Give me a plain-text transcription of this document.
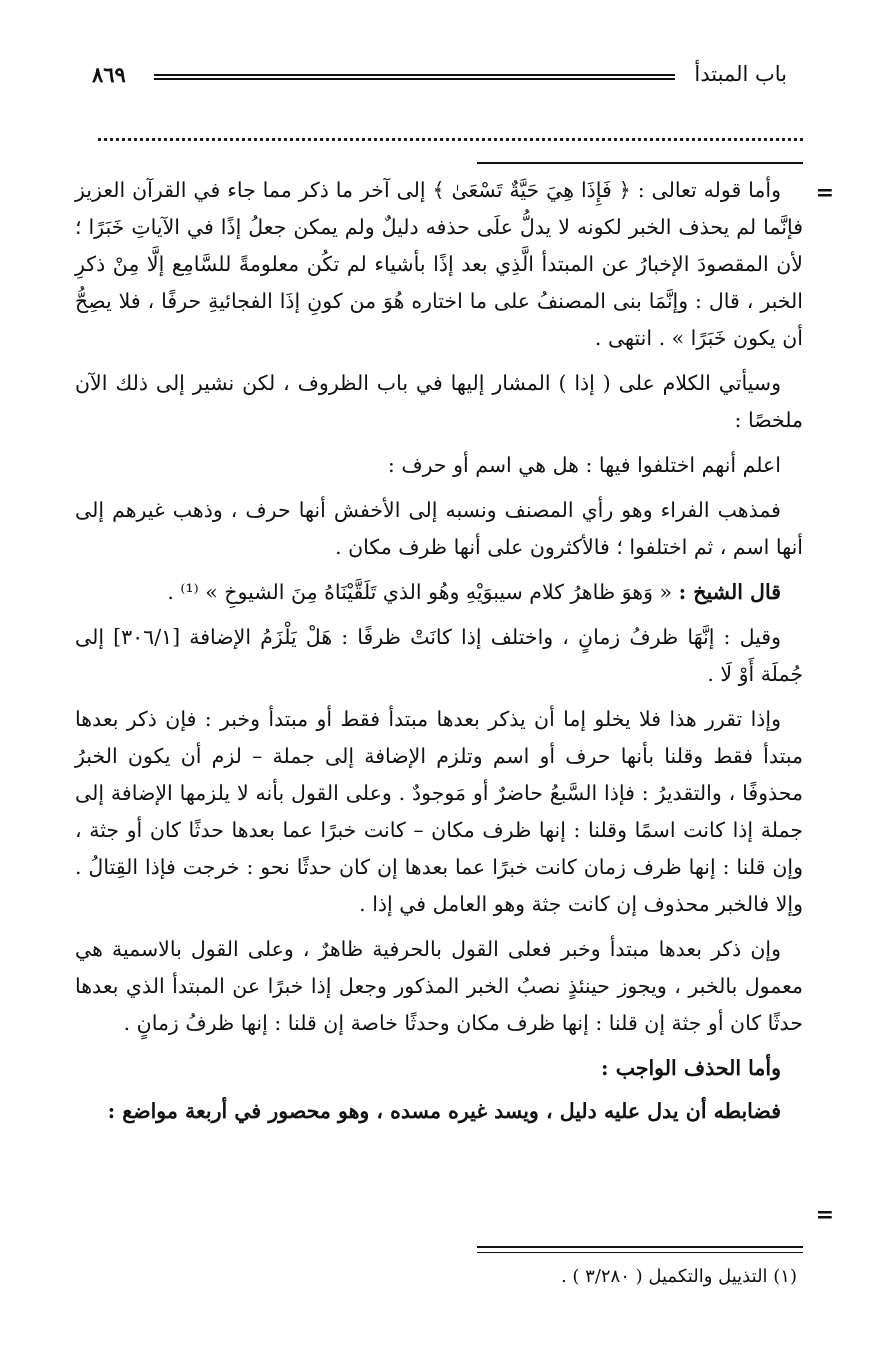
باب المبتدأ
٨٦٩
=
=

وأما قوله تعالى : ﴿ فَإِذَا هِيَ حَيَّةٌ تَسْعَىٰ ﴾ إلى آخر ما ذكر مما جاء في القرآن العزيز فإنَّما لم يحذف الخبر لكونه لا يدلُّ علَى حذفه دليلٌ ولم يمكن جعلُ إذًا في الآياتِ خَبَرًا ؛ لأن المقصودَ الإخبارُ عن المبتدأ الَّذِي بعد إذًا بأشياء لم تكُن معلومةً للسَّامِع إلَّا مِنْ ذكرِ الخبر ، قال : وإنَّمَا بنى المصنفُ على ما اختاره هُوَ من كونِ إذَا الفجائيةِ حرفًا ، فلا يصِحُّ أن يكون خَبَرًا » . انتهى .

وسيأتي الكلام على ( إذا ) المشار إليها في باب الظروف ، لكن نشير إلى ذلك الآن ملخصًا :

اعلم أنهم اختلفوا فيها : هل هي اسم أو حرف :

فمذهب الفراء وهو رأي المصنف ونسبه إلى الأخفش أنها حرف ، وذهب غيرهم إلى أنها اسم ، ثم اختلفوا ؛ فالأكثرون على أنها ظرف مكان .

قال الشيخ : « وَهوَ ظاهرُ كلام سيبوَيْهِ وهُو الذي تَلَقَّيْنَاهُ مِنَ الشيوخِ » ⁽¹⁾ .

وقيل : إنَّهَا ظرفُ زمانٍ ، واختلف إذا كانَتْ ظرفًا : هَلْ يَلْزَمُ الإضافة [٣٠٦/١] إلى جُملَة أَوْ لَا .

وإذا تقرر هذا فلا يخلو إما أن يذكر بعدها مبتدأ فقط أو مبتدأ وخبر : فإن ذكر بعدها مبتدأ فقط وقلنا بأنها حرف أو اسم وتلزم الإضافة إلى جملة – لزم أن يكون الخبرُ محذوفًا ، والتقديرُ : فإذا السَّبعُ حاضرٌ أو مَوجودٌ . وعلى القول بأنه لا يلزمها الإضافة إلى جملة إذا كانت اسمًا وقلنا : إنها ظرف مكان – كانت خبرًا عما بعدها حدثًا كان أو جثة ، وإن قلنا : إنها ظرف زمان كانت خبرًا عما بعدها إن كان حدثًا نحو : خرجت فإذا القِتالُ . وإلا فالخبر محذوف إن كانت جثة وهو العامل في إذا .

وإن ذكر بعدها مبتدأ وخبر فعلى القول بالحرفية ظاهرٌ ، وعلى القول بالاسمية هي معمول بالخبر ، ويجوز حينئذٍ نصبُ الخبر المذكور وجعل إذا خبرًا عن المبتدأ الذي بعدها حدثًا كان أو جثة إن قلنا : إنها ظرف مكان وحدثًا خاصة إن قلنا : إنها ظرفُ زمانٍ .

وأما الحذف الواجب :

فضابطه أن يدل عليه دليل ، ويسد غيره مسده ، وهو محصور في أربعة مواضع :

(١) التذييل والتكميل ( ٣/٢٨٠ ) .
